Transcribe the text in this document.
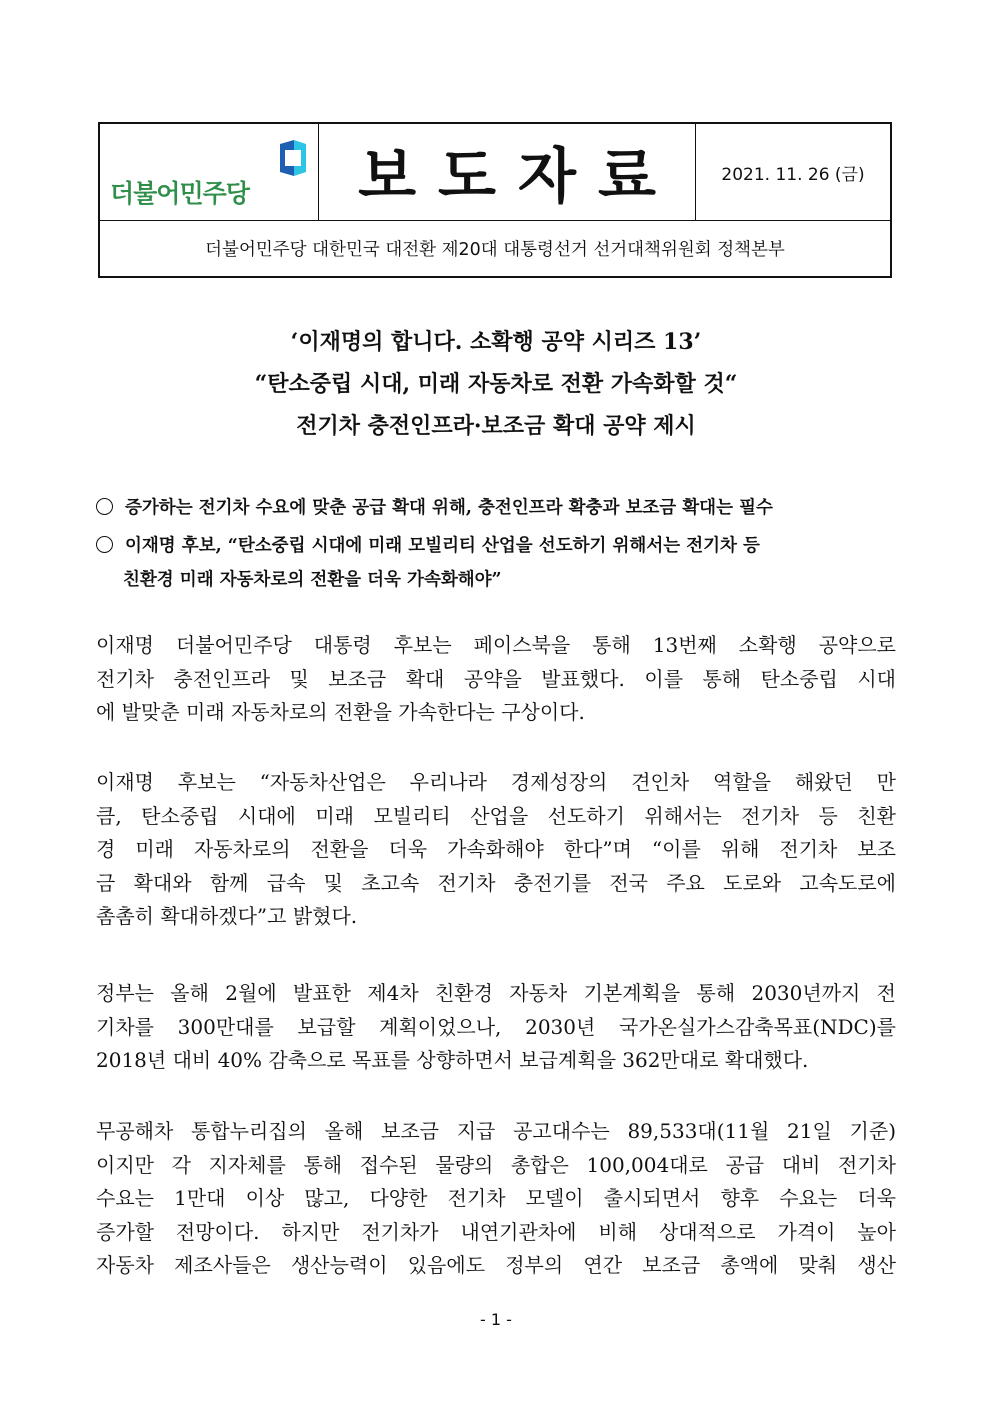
더불어민주당 보도자료	2021. 11. 26 (금)
더불어민주당 대한민국 대전환 제20대 대통령선거 선거대책위원회 정책본부
‘이재명의 합니다. 소확행 공약 시리즈 13’
“탄소중립 시대, 미래 자동차로 전환 가속화할 것“
전기차 충전인프라·보조금 확대 공약 제시
증가하는 전기차 수요에 맞춘 공급 확대 위해, 충전인프라 확충과 보조금 확대는 필수
이재명 후보, “탄소중립 시대에 미래 모빌리티 산업을 선도하기 위해서는 전기차 등
친환경 미래 자동차로의 전환을 더욱 가속화해야”
이재명 더불어민주당 대통령 후보는 페이스북을 통해 13번째 소확행 공약으로
전기차 충전인프라 및 보조금 확대 공약을 발표했다. 이를 통해 탄소중립 시대
에 발맞춘 미래 자동차로의 전환을 가속한다는 구상이다.
이재명 후보는 “자동차산업은 우리나라 경제성장의 견인차 역할을 해왔던 만
큼, 탄소중립 시대에 미래 모빌리티 산업을 선도하기 위해서는 전기차 등 친환
경 미래 자동차로의 전환을 더욱 가속화해야 한다”며 “이를 위해 전기차 보조
금 확대와 함께 급속 및 초고속 전기차 충전기를 전국 주요 도로와 고속도로에
촘촘히 확대하겠다”고 밝혔다.
정부는 올해 2월에 발표한 제4차 친환경 자동차 기본계획을 통해 2030년까지 전
기차를 300만대를 보급할 계획이었으나, 2030년 국가온실가스감축목표(NDC)를
2018년 대비 40% 감축으로 목표를 상향하면서 보급계획을 362만대로 확대했다.
무공해차 통합누리집의 올해 보조금 지급 공고대수는 89,533대(11월 21일 기준)
이지만 각 지자체를 통해 접수된 물량의 총합은 100,004대로 공급 대비 전기차
수요는 1만대 이상 많고, 다양한 전기차 모델이 출시되면서 향후 수요는 더욱
증가할 전망이다. 하지만 전기차가 내연기관차에 비해 상대적으로 가격이 높아
자동차 제조사들은 생산능력이 있음에도 정부의 연간 보조금 총액에 맞춰 생산
- 1 -
